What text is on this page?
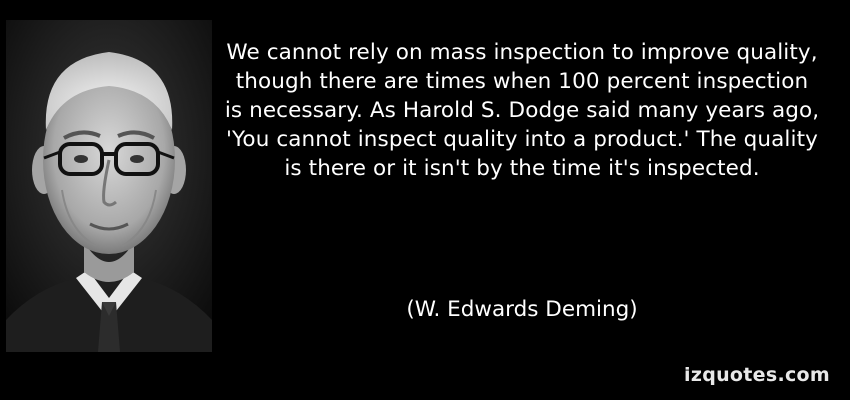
We cannot rely on mass inspection to improve quality, though there are times when 100 percent inspection is necessary. As Harold S. Dodge said many years ago, 'You cannot inspect quality into a product.' The quality is there or it isn't by the time it's inspected.

(W. Edwards Deming)

izquotes.com
